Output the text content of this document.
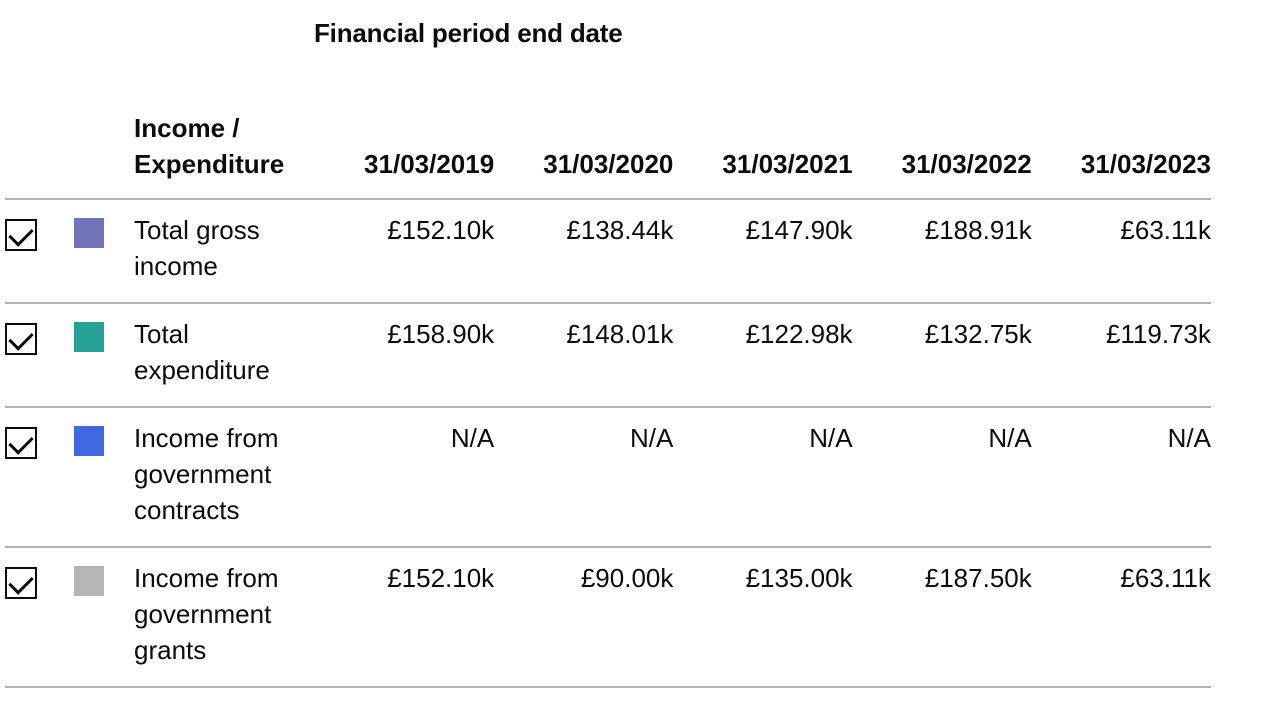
Financial period end date
		Income / Expenditure	31/03/2019	31/03/2020	31/03/2021	31/03/2022	31/03/2023

	Total gross income	£152.10k	£138.44k	£147.90k	£188.91k	£63.11k

	Total expenditure	£158.90k	£148.01k	£122.98k	£132.75k	£119.73k

	Income from government contracts	N/A	N/A	N/A	N/A	N/A

	Income from government grants	£152.10k	£90.00k	£135.00k	£187.50k	£63.11k
